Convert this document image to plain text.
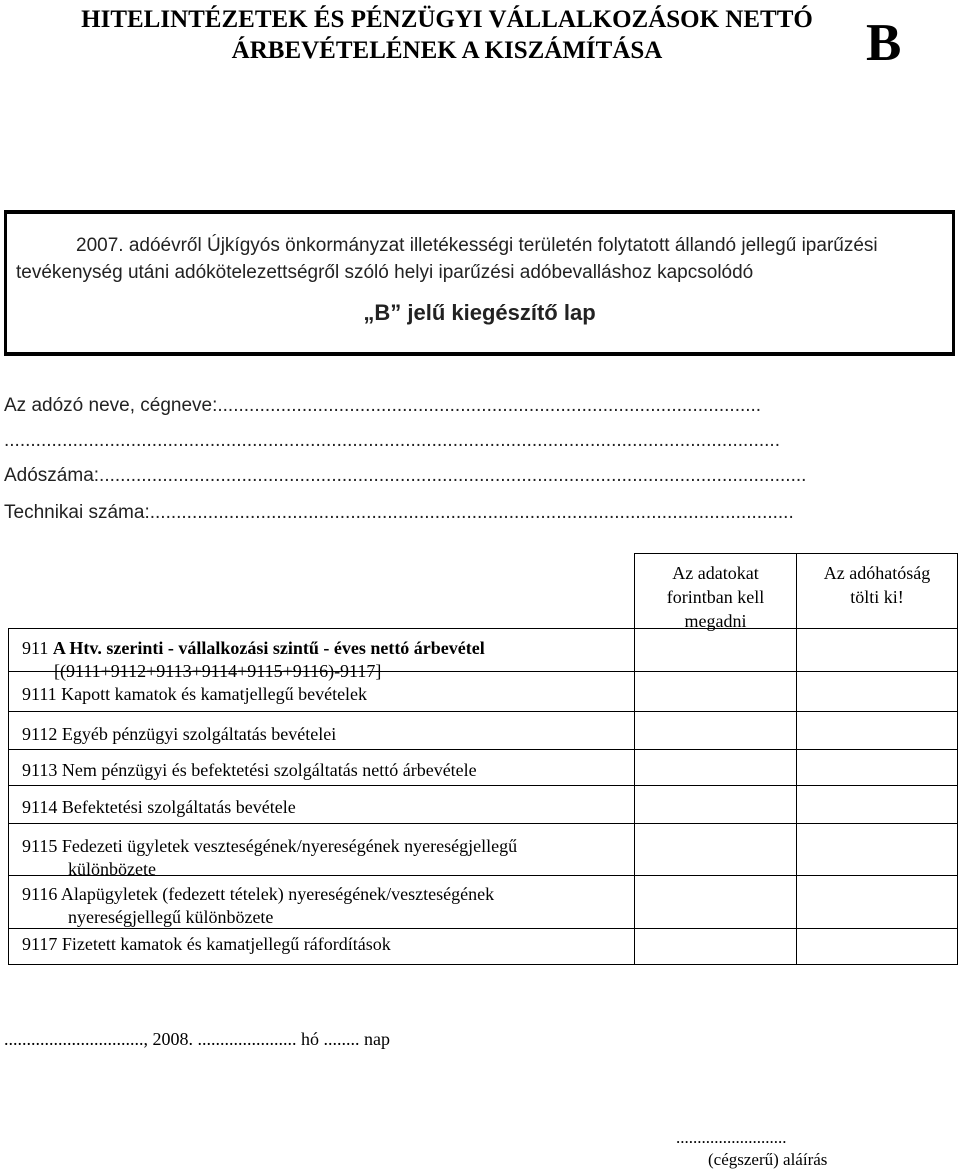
HITELINTÉZETEK ÉS PÉNZÜGYI VÁLLALKOZÁSOK NETTÓ
ÁRBEVÉTELÉNEK A KISZÁMÍTÁSA	B
2007. adóévről Újkígyós önkormányzat illetékességi területén folytatott állandó jellegű iparűzési
tevékenység utáni adókötelezettségről szóló helyi iparűzési adóbevalláshoz kapcsolódó
„B” jelű kiegészítő lap
Az adózó neve, cégneve:.......................................................................................................
...................................................................................................................................................
Adószáma:......................................................................................................................................
Technikai száma:..........................................................................................................................
Az adatokat
forintban kell
megadni
Az adóhatóság
tölti ki!
911 A Htv. szerinti - vállalkozási szintű - éves nettó árbevétel
[(9111+9112+9113+9114+9115+9116)-9117]
9111 Kapott kamatok és kamatjellegű bevételek
9112 Egyéb pénzügyi szolgáltatás bevételei
9113 Nem pénzügyi és befektetési szolgáltatás nettó árbevétele
9114 Befektetési szolgáltatás bevétele
9115 Fedezeti ügyletek veszteségének/nyereségének nyereségjellegű
különbözete
9116 Alapügyletek (fedezett tételek) nyereségének/veszteségének
nyereségjellegű különbözete
9117 Fizetett kamatok és kamatjellegű ráfordítások
..............................., 2008. ...................... hó ........ nap
..........................
(cégszerű) aláírás
